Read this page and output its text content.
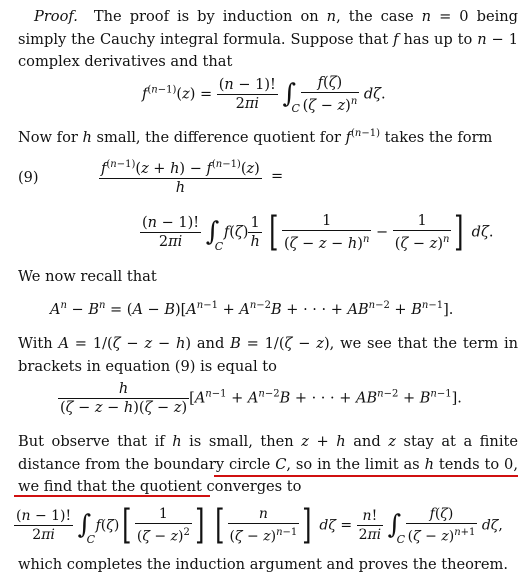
Proof.  The proof is by induction on n, the case n = 0 being simply the Cauchy integral formula. Suppose that f has up to n − 1 complex derivatives and that

$f^{(n-1)}(z) = \frac{(n - 1)!}{2\pi i}$ ∫
C
$\frac{f(\zeta)}{(\zeta - z)^n} d\zeta$.

Now for h small, the difference quotient for $f^{(n-1)}$ takes the form

(9)	$\frac{f^{(n-1)}(z + h) - f^{(n-1)}(z)}{h}$ =
$\frac{(n - 1)!}{2\pi i}$ ∫
C
$f(\zeta) \frac{1}{h}$ [ $\frac{1}{(\zeta - z - h)^n} - \frac{1}{(\zeta - z)^n}$ ] dζ.

We now recall that

$A^n - B^n = (A - B)[A^{n-1} + A^{n-2}B$ + · · · + $AB^{n-2} + B^{n-1}$].

With A = 1/(ζ − z − h) and B = 1/(ζ − z), we see that the term in brackets in equation (9) is equal to

$\frac{h}{(\zeta - z - h)(\zeta - z)} [A^{n-1} + A^{n-2}B$ + · · · + $AB^{n-2} + B^{n-1}$].

But observe that if h is small, then z + h and z stay at a finite distance from the boundary circle C, so in the limit as h tends to 0, we find that the quotient converges to

$\frac{(n - 1)!}{2\pi i}$ ∫
C
$f(\zeta)[ \frac{1}{(\zeta - z)^2}$ ] [ $\frac{n}{(\zeta - z)^{n-1}}$ ] $d\zeta = \frac{n!}{2\pi i}$ ∫
C
$\frac{f(\zeta)}{(\zeta - z)^{n+1}} d\zeta$,

which completes the induction argument and proves the theorem.
